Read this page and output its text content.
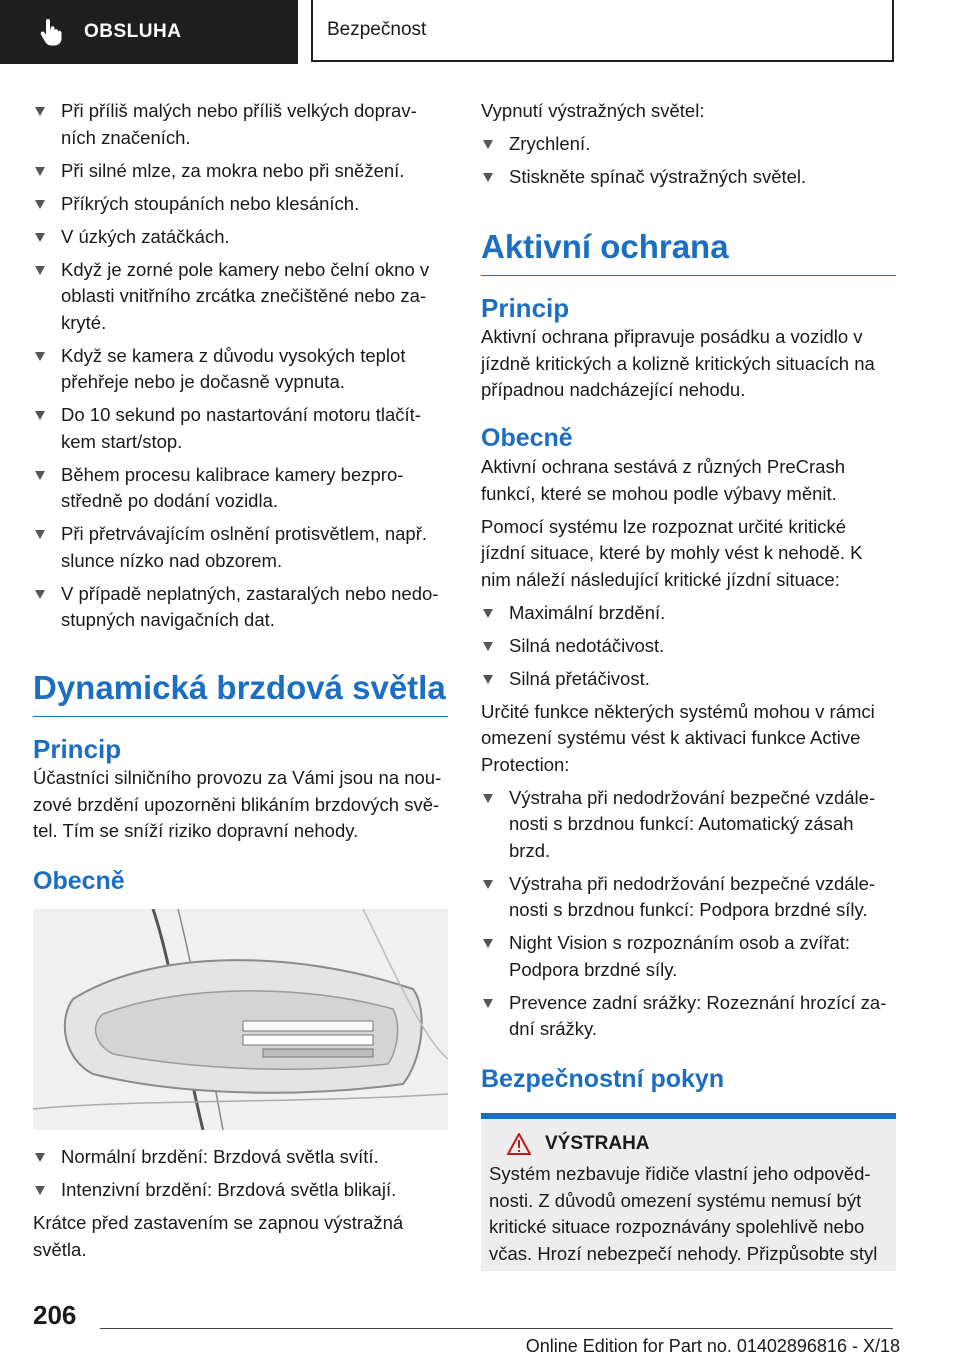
OBSLUHA	Bezpečnost
Při příliš malých nebo příliš velkých doprav-
ních značeních.
Při silné mlze, za mokra nebo při sněžení.
Příkrých stoupáních nebo klesáních.
V úzkých zatáčkách.
Když je zorné pole kamery nebo čelní okno v
oblasti vnitřního zrcátka znečištěné nebo za-
kryté.
Když se kamera z důvodu vysokých teplot
přehřeje nebo je dočasně vypnuta.
Do 10 sekund po nastartování motoru tlačít-
kem start/stop.
Během procesu kalibrace kamery bezpro-
středně po dodání vozidla.
Při přetrvávajícím oslnění protisvětlem, např.
slunce nízko nad obzorem.
V případě neplatných, zastaralých nebo nedo-
stupných navigačních dat.
Dynamická brzdová světla
Princip
Účastníci silničního provozu za Vámi jsou na nou-
zové brzdění upozorněni blikáním brzdových svě-
tel. Tím se sníží riziko dopravní nehody.
Obecně
Normální brzdění: Brzdová světla svítí.
Intenzivní brzdění: Brzdová světla blikají.
Krátce před zastavením se zapnou výstražná
světla.
Vypnutí výstražných světel:
Zrychlení.
Stiskněte spínač výstražných světel.
Aktivní ochrana
Princip
Aktivní ochrana připravuje posádku a vozidlo v
jízdně kritických a kolizně kritických situacích na
případnou nadcházející nehodu.
Obecně
Aktivní ochrana sestává z různých PreCrash
funkcí, které se mohou podle výbavy měnit.
Pomocí systému lze rozpoznat určité kritické
jízdní situace, které by mohly vést k nehodě. K
nim náleží následující kritické jízdní situace:
Maximální brzdění.
Silná nedotáčivost.
Silná přetáčivost.
Určité funkce některých systémů mohou v rámci
omezení systému vést k aktivaci funkce Active
Protection:
Výstraha při nedodržování bezpečné vzdále-
nosti s brzdnou funkcí: Automatický zásah
brzd.
Výstraha při nedodržování bezpečné vzdále-
nosti s brzdnou funkcí: Podpora brzdné síly.
Night Vision s rozpoznáním osob a zvířat:
Podpora brzdné síly.
Prevence zadní srážky: Rozeznání hrozící za-
dní srážky.
Bezpečnostní pokyn
VÝSTRAHA
Systém nezbavuje řidiče vlastní jeho odpověd-
nosti. Z důvodů omezení systému nemusí být
kritické situace rozpoznávány spolehlivě nebo
včas. Hrozí nebezpečí nehody. Přizpůsobte styl
206
Online Edition for Part no. 01402896816 - X/18
